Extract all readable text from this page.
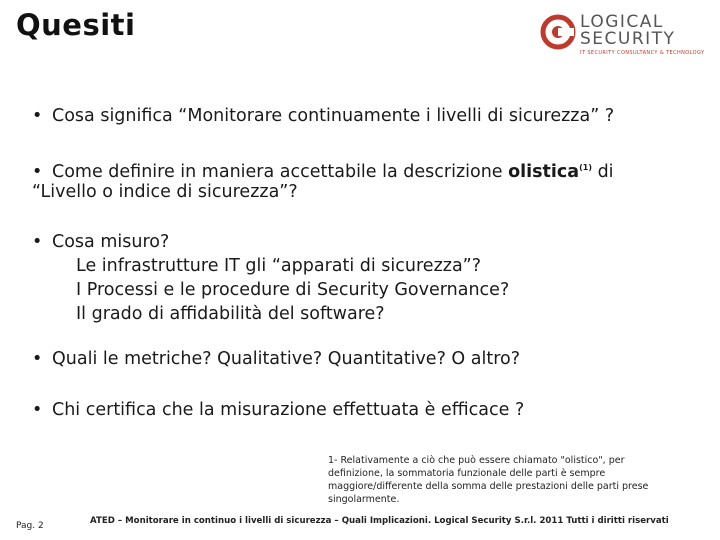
Quesiti	LOGICAL
SECURITY
IT SECURITY CONSULTANCY & TECHNOLOGY
• Cosa significa “Monitorare continuamente i livelli di sicurezza” ?
• Come definire in maniera accettabile la descrizione olistica$^{(1)}$ di
“Livello o indice di sicurezza”?
• Cosa misuro?
Le infrastrutture IT gli “apparati di sicurezza”?
I Processi e le procedure di Security Governance?
Il grado di affidabilità del software?
• Quali le metriche? Qualitative? Quantitative? O altro?
• Chi certifica che la misurazione effettuata è efficace ?
1- Relativamente a ciò che può essere chiamato "olistico", per definizione, la sommatoria funzionale delle parti è sempre maggiore/differente della somma delle prestazioni delle parti prese singolarmente.
Pag. 2	ATED – Monitorare in continuo i livelli di sicurezza – Quali Implicazioni. Logical Security S.r.l. 2011 Tutti i diritti riservati
